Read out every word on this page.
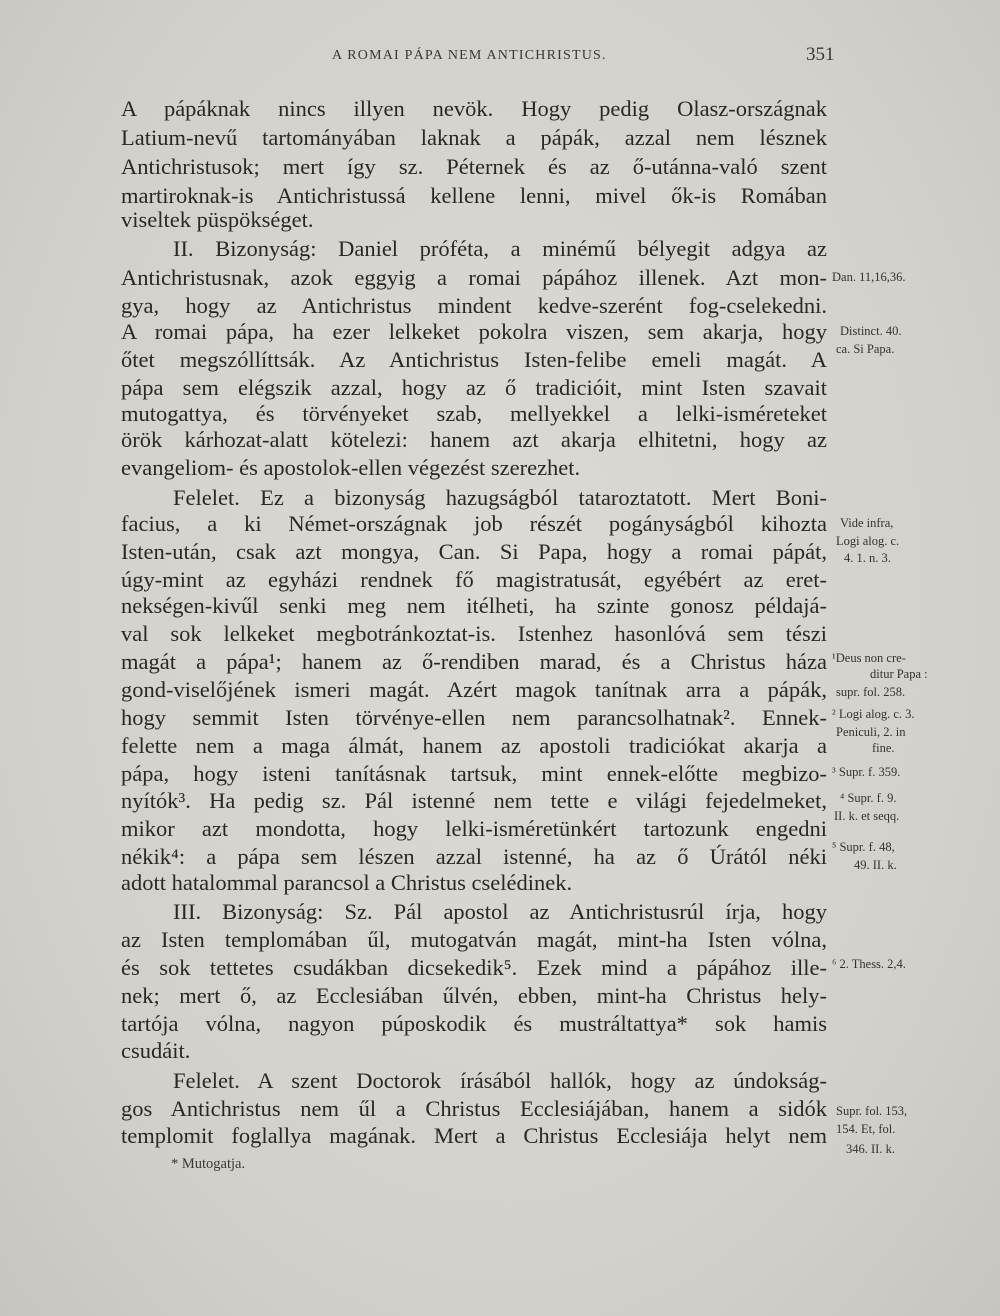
A ROMAI PÁPA NEM ANTICHRISTUS.	351
A pápáknak nincs illyen nevök. Hogy pedig Olasz-országnak
Latium-nevű tartományában laknak a pápák, azzal nem lésznek
Antichristusok; mert így sz. Péternek és az ő-utánna-való szent
martiroknak-is Antichristussá kellene lenni, mivel ők-is Romában
viseltek püspökséget.
II. Bizonyság: Daniel próféta, a minémű bélyegit adgya az
Antichristusnak, azok eggyig a romai pápához illenek. Azt mon-
gya, hogy az Antichristus mindent kedve-szerént fog-cselekedni.
A romai pápa, ha ezer lelkeket pokolra viszen, sem akarja, hogy
őtet megszóllíttsák. Az Antichristus Isten-felibe emeli magát. A
pápa sem elégszik azzal, hogy az ő tradicióit, mint Isten szavait
mutogattya, és törvényeket szab, mellyekkel a lelki-isméreteket
örök kárhozat-alatt kötelezi: hanem azt akarja elhitetni, hogy az
evangeliom- és apostolok-ellen végezést szerezhet.
Felelet. Ez a bizonyság hazugságból tataroztatott. Mert Boni-
facius, a ki Német-országnak job részét pogányságból kihozta
Isten-után, csak azt mongya, Can. Si Papa, hogy a romai pápát,
úgy-mint az egyházi rendnek fő magistratusát, egyébért az eret-
nekségen-kivűl senki meg nem itélheti, ha szinte gonosz példajá-
val sok lelkeket megbotránkoztat-is. Istenhez hasonlóvá sem tészi
magát a pápa¹; hanem az ő-rendiben marad, és a Christus háza
gond-viselőjének ismeri magát. Azért magok tanítnak arra a pápák,
hogy semmit Isten törvénye-ellen nem parancsolhatnak². Ennek-
felette nem a maga álmát, hanem az apostoli tradiciókat akarja a
pápa, hogy isteni tanításnak tartsuk, mint ennek-előtte megbizo-
nyítók³. Ha pedig sz. Pál istenné nem tette e világi fejedelmeket,
mikor azt mondotta, hogy lelki-isméretünkért tartozunk engedni
nékik⁴: a pápa sem lészen azzal istenné, ha az ő Úrától néki
adott hatalommal parancsol a Christus cselédinek.
III. Bizonyság: Sz. Pál apostol az Antichristusrúl írja, hogy
az Isten templomában űl, mutogatván magát, mint-ha Isten vólna,
és sok tettetes csudákban dicsekedik⁵. Ezek mind a pápához ille-
nek; mert ő, az Ecclesiában űlvén, ebben, mint-ha Christus hely-
tartója vólna, nagyon púposkodik és mustráltattya* sok hamis
csudáit.
Felelet. A szent Doctorok írásából hallók, hogy az úndokság-
gos Antichristus nem űl a Christus Ecclesiájában, hanem a sidók
templomit foglallya magának. Mert a Christus Ecclesiája helyt nem
* Mutogatja.
Dan. 11,16,36.
Distinct. 40.
ca. Si Papa.
Vide infra,
Logi alog. c.
4. 1. n. 3.
¹Deus non cre-
ditur Papa :
supr. fol. 258.
² Logi alog. c. 3.
Peniculi, 2. in
fine.
³ Supr. f. 359.
⁴ Supr. f. 9.
II. k. et seqq.
⁵ Supr. f. 48,
49. II. k.
⁶ 2. Thess. 2,4.
Supr. fol. 153,
154. Et, fol.
346. II. k.
